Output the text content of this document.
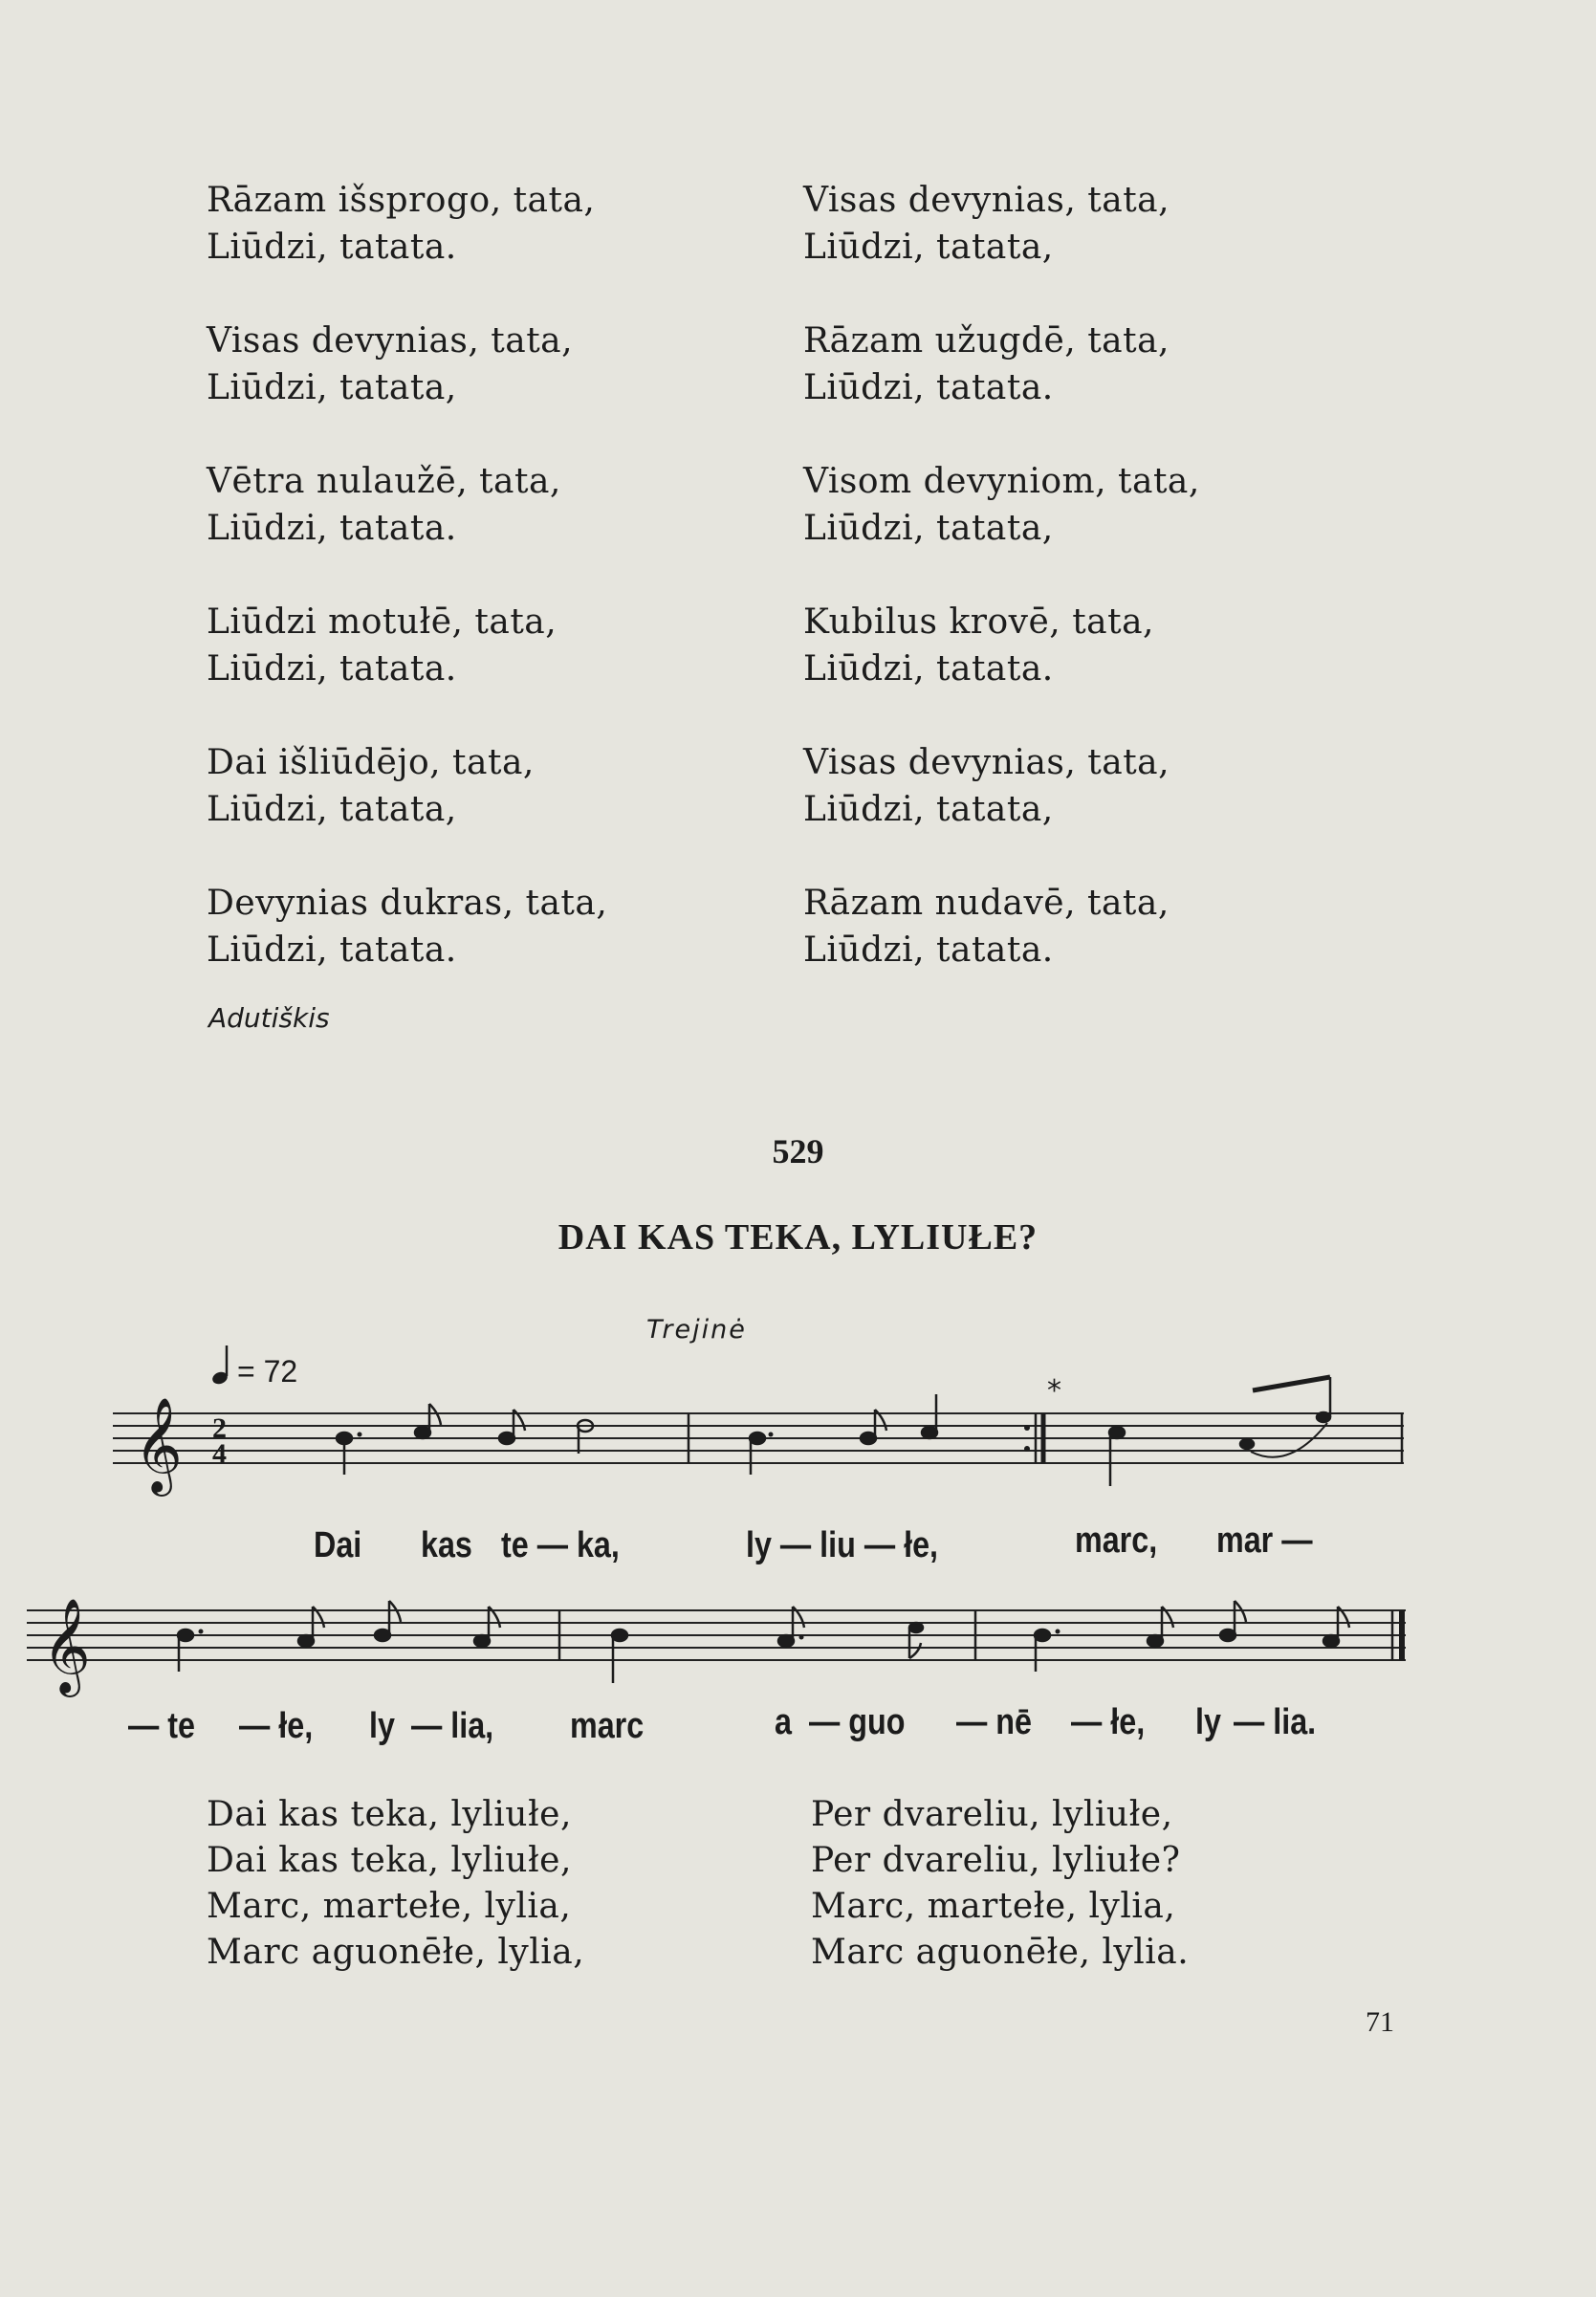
Rāzam išsprogo, tata,
Liūdzi, tatata.
Visas devynias, tata,
Liūdzi, tatata,
Vētra nulaužē, tata,
Liūdzi, tatata.
Liūdzi motułē, tata,
Liūdzi, tatata.
Dai išliūdējo, tata,
Liūdzi, tatata,
Devynias dukras, tata,
Liūdzi, tatata.
Visas devynias, tata,
Liūdzi, tatata,
Rāzam užugdē, tata,
Liūdzi, tatata.
Visom devyniom, tata,
Liūdzi, tatata,
Kubilus krovē, tata,
Liūdzi, tatata.
Visas devynias, tata,
Liūdzi, tatata,
Rāzam nudavē, tata,
Liūdzi, tatata.
Adutiškis
529
DAI KAS TEKA, LYLIUŁE?
Trejinė
= 72
𝄞 2
4
*
Dai kas te — ka,	ly — liu — łe,	marc, mar —
𝄞
— te — łe, ly — lia, marc	a — guo — nē — łe, ly — lia.
Dai kas teka, lyliułe,
Dai kas teka, lyliułe,
Marc, martełe, lylia,
Marc aguonēłe, lylia,
Per dvareliu, lyliułe,
Per dvareliu, lyliułe?
Marc, martełe, lylia,
Marc aguonēłe, lylia.
71
